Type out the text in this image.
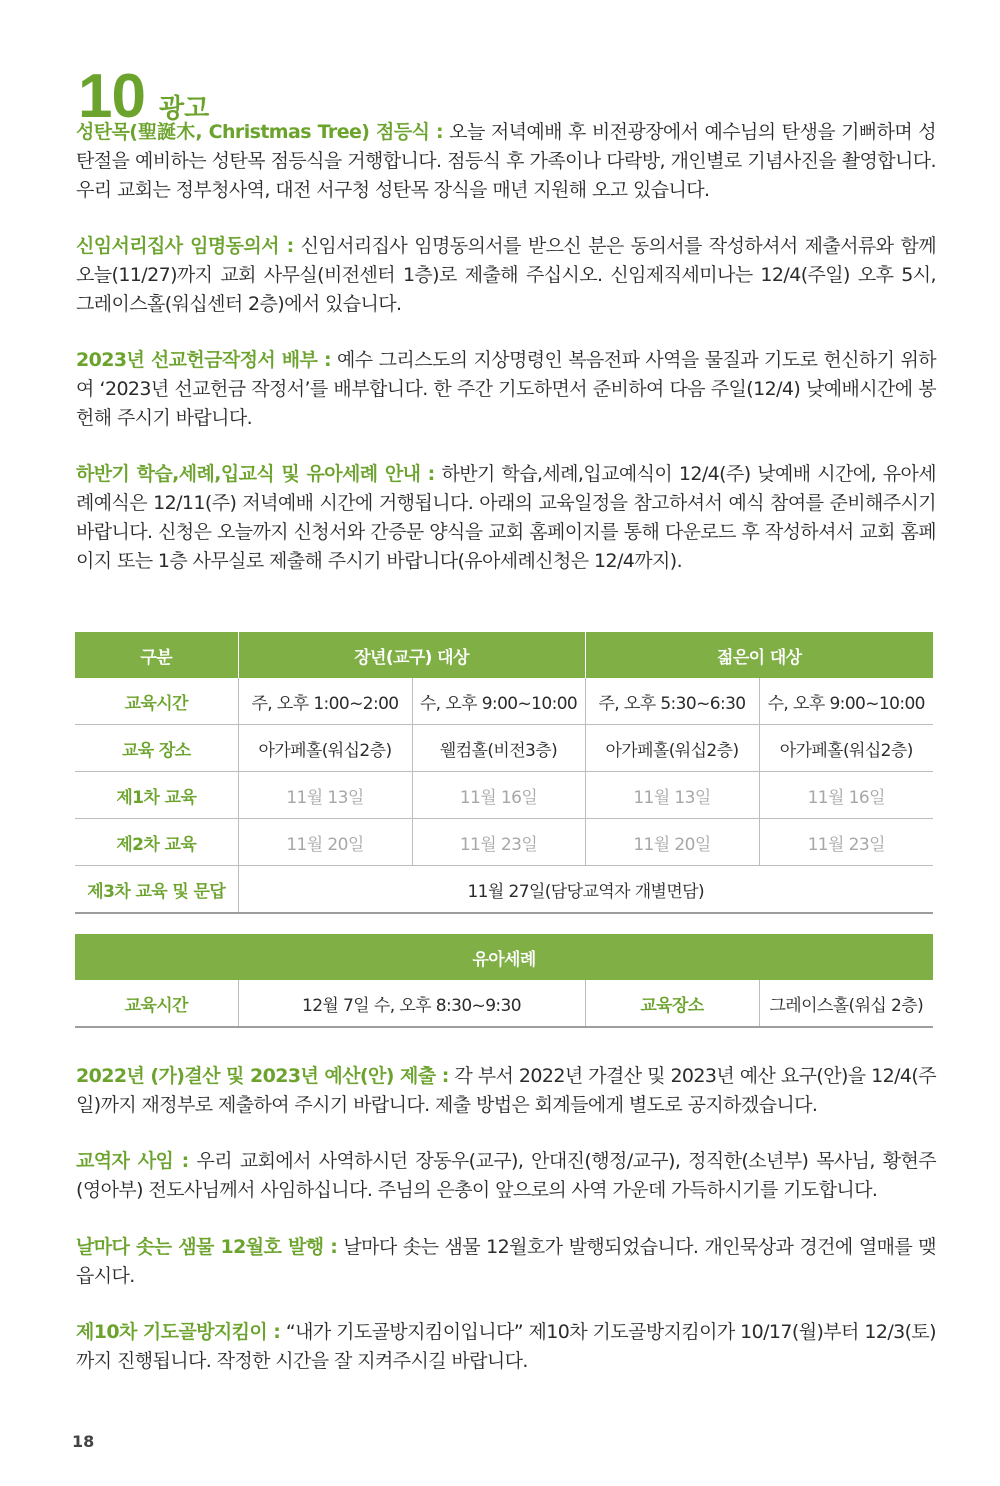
10 광고

성탄목(聖誕木, Christmas Tree) 점등식 : 오늘 저녁예배 후 비전광장에서 예수님의 탄생을 기뻐하며 성탄절을 예비하는 성탄목 점등식을 거행합니다. 점등식 후 가족이나 다락방, 개인별로 기념사진을 촬영합니다. 우리 교회는 정부청사역, 대전 서구청 성탄목 장식을 매년 지원해 오고 있습니다.

신임서리집사 임명동의서 : 신임서리집사 임명동의서를 받으신 분은 동의서를 작성하셔서 제출서류와 함께 오늘(11/27)까지 교회 사무실(비전센터 1층)로 제출해 주십시오. 신임제직세미나는 12/4(주일) 오후 5시, 그레이스홀(워십센터 2층)에서 있습니다.

2023년 선교헌금작정서 배부 : 예수 그리스도의 지상명령인 복음전파 사역을 물질과 기도로 헌신하기 위하여 ‘2023년 선교헌금 작정서’를 배부합니다. 한 주간 기도하면서 준비하여 다음 주일(12/4) 낮예배시간에 봉헌해 주시기 바랍니다.

하반기 학습,세례,입교식 및 유아세례 안내 : 하반기 학습,세례,입교예식이 12/4(주) 낮예배 시간에, 유아세례예식은 12/11(주) 저녁예배 시간에 거행됩니다. 아래의 교육일정을 참고하셔서 예식 참여를 준비해주시기 바랍니다. 신청은 오늘까지 신청서와 간증문 양식을 교회 홈페이지를 통해 다운로드 후 작성하셔서 교회 홈페이지 또는 1층 사무실로 제출해 주시기 바랍니다(유아세례신청은 12/4까지).

구분	장년(교구) 대상		젊은이 대상	
교육시간	주, 오후 1:00~2:00	수, 오후 9:00~10:00	주, 오후 5:30~6:30	수, 오후 9:00~10:00
교육 장소	아가페홀(워십2층)	웰컴홀(비전3층)	아가페홀(워십2층)	아가페홀(워십2층)
제1차 교육	11월 13일	11월 16일	11월 13일	11월 16일
제2차 교육	11월 20일	11월 23일	11월 20일	11월 23일
제3차 교육 및 문답	11월 27일(담당교역자 개별면담)			
유아세례
교육시간	12월 7일 수, 오후 8:30~9:30	교육장소	그레이스홀(워십 2층)

2022년 (가)결산 및 2023년 예산(안) 제출 : 각 부서 2022년 가결산 및 2023년 예산 요구(안)을 12/4(주일)까지 재정부로 제출하여 주시기 바랍니다. 제출 방법은 회계들에게 별도로 공지하겠습니다.

교역자 사임 : 우리 교회에서 사역하시던 장동우(교구), 안대진(행정/교구), 정직한(소년부) 목사님, 황현주(영아부) 전도사님께서 사임하십니다. 주님의 은총이 앞으로의 사역 가운데 가득하시기를 기도합니다.

날마다 솟는 샘물 12월호 발행 : 날마다 솟는 샘물 12월호가 발행되었습니다. 개인묵상과 경건에 열매를 맺읍시다.

제10차 기도골방지킴이 : “내가 기도골방지킴이입니다” 제10차 기도골방지킴이가 10/17(월)부터 12/3(토)까지 진행됩니다. 작정한 시간을 잘 지켜주시길 바랍니다.

18
